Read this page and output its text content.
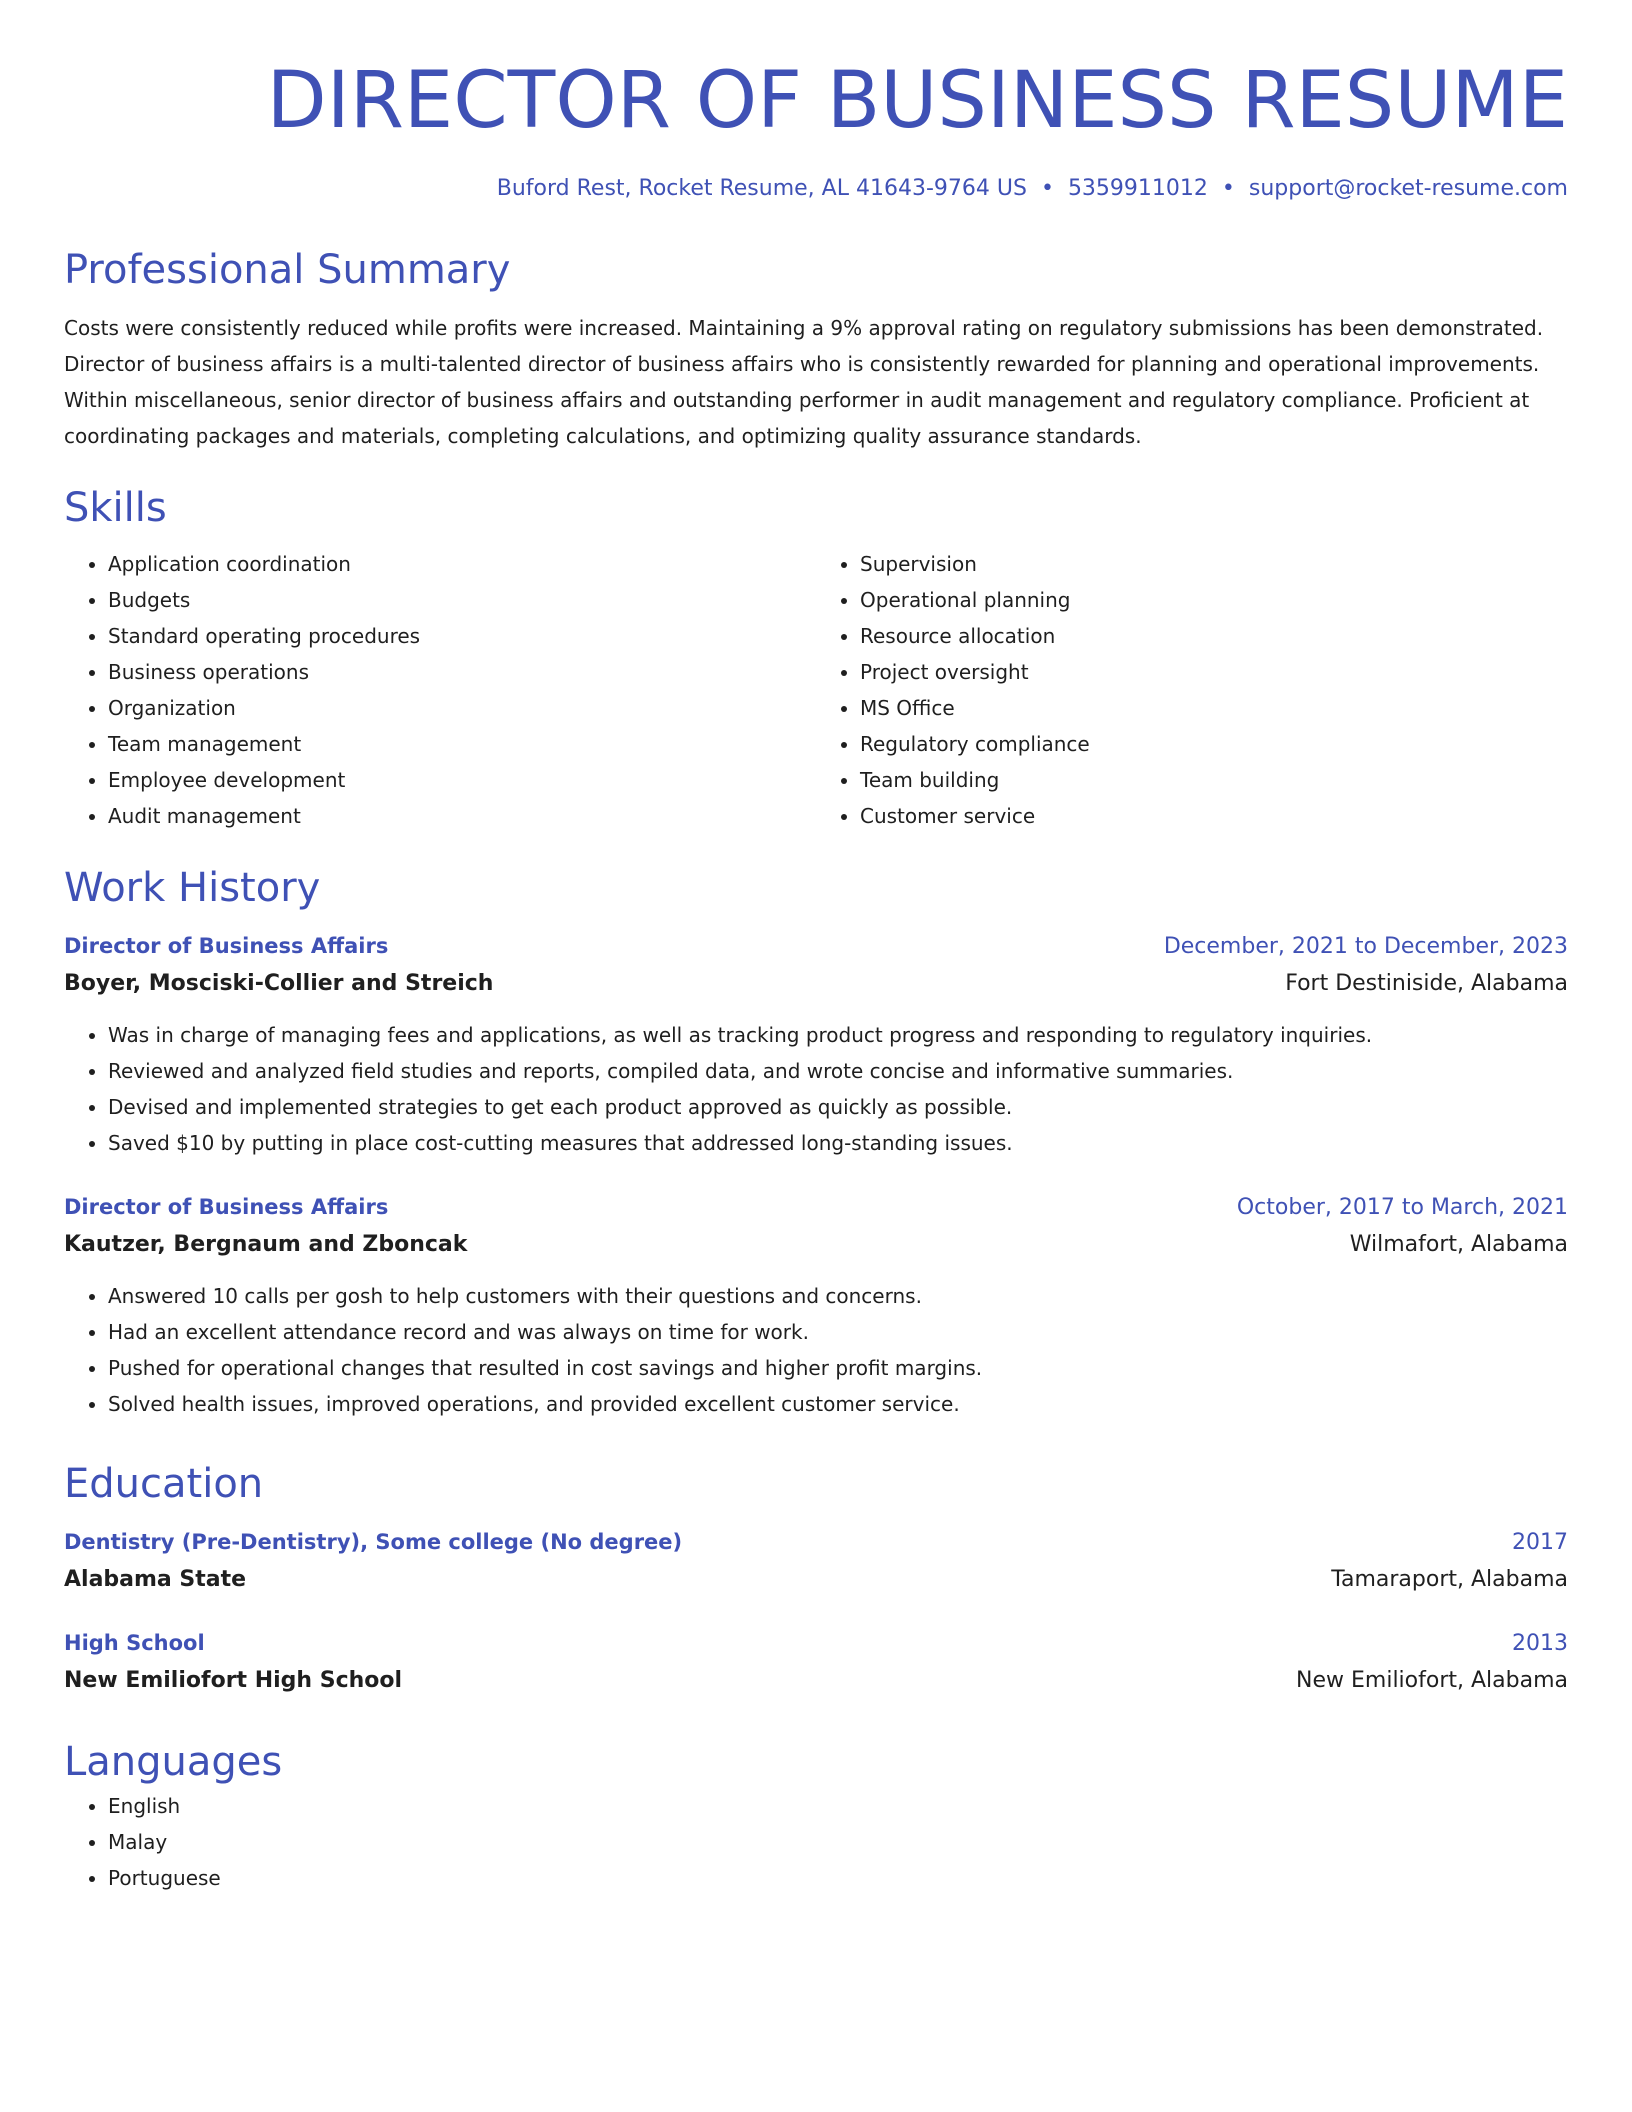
DIRECTOR OF BUSINESS RESUME
Buford Rest, Rocket Resume, AL 41643-9764 US • 5359911012 • support@rocket-resume.com
Professional Summary
Costs were consistently reduced while profits were increased. Maintaining a 9% approval rating on regulatory submissions has been demonstrated. Director of business affairs is a multi-talented director of business affairs who is consistently rewarded for planning and operational improvements. Within miscellaneous, senior director of business affairs and outstanding performer in audit management and regulatory compliance. Proficient at coordinating packages and materials, completing calculations, and optimizing quality assurance standards.
Skills
• Application coordination
• Budgets
• Standard operating procedures
• Business operations
• Organization
• Team management
• Employee development
• Audit management
• Supervision
• Operational planning
• Resource allocation
• Project oversight
• MS Office
• Regulatory compliance
• Team building
• Customer service
Work History
Director of Business Affairs	December, 2021 to December, 2023
Boyer, Mosciski-Collier and Streich	Fort Destiniside, Alabama
• Was in charge of managing fees and applications, as well as tracking product progress and responding to regulatory inquiries.
• Reviewed and analyzed field studies and reports, compiled data, and wrote concise and informative summaries.
• Devised and implemented strategies to get each product approved as quickly as possible.
• Saved $10 by putting in place cost-cutting measures that addressed long-standing issues.
Director of Business Affairs	October, 2017 to March, 2021
Kautzer, Bergnaum and Zboncak	Wilmafort, Alabama
• Answered 10 calls per gosh to help customers with their questions and concerns.
• Had an excellent attendance record and was always on time for work.
• Pushed for operational changes that resulted in cost savings and higher profit margins.
• Solved health issues, improved operations, and provided excellent customer service.
Education
Dentistry (Pre-Dentistry), Some college (No degree)	2017
Alabama State	Tamaraport, Alabama
High School	2013
New Emiliofort High School	New Emiliofort, Alabama
Languages
• English
• Malay
• Portuguese
